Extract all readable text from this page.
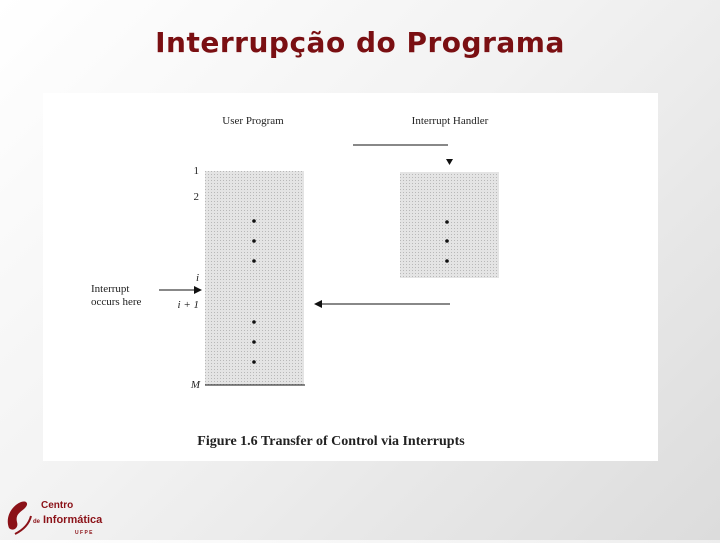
Interrupção do Programa
User Program	Interrupt Handler
1
2
i
i + 1
M
Interrupt
occurs here
Figure 1.6 Transfer of Control via Interrupts
Centro
de Informática
U F P E
